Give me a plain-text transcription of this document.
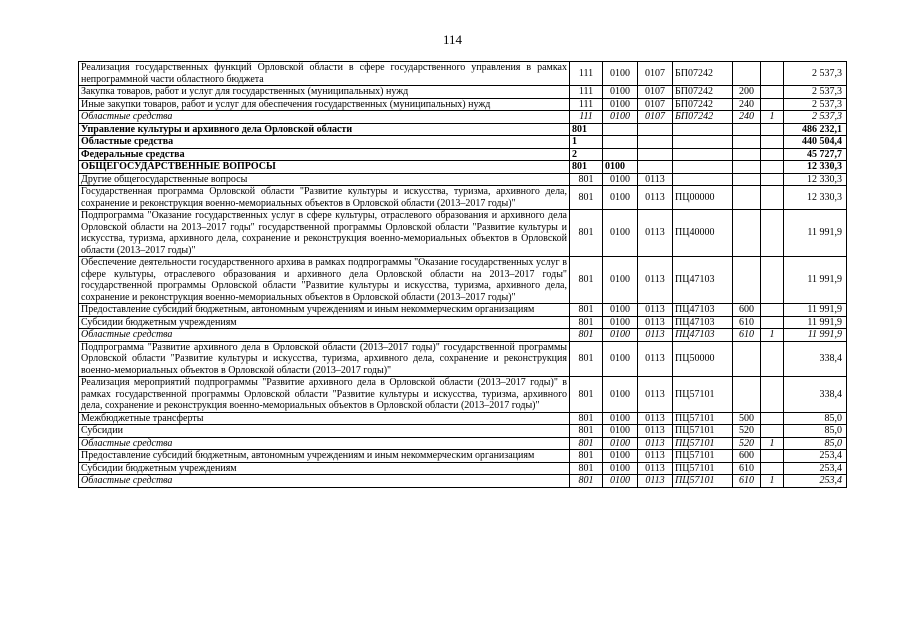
114
Реализация государственных функций Орловской области в сфере государственного управления в рамках непрограммной части областного бюджета	111	0100	0107	БП07242			2 537,3
Закупка товаров, работ и услуг для государственных (муниципальных) нужд	111	0100	0107	БП07242	200		2 537,3
Иные закупки товаров, работ и услуг для обеспечения государственных (муниципальных) нужд	111	0100	0107	БП07242	240		2 537,3
Областные средства	111	0100	0107	БП07242	240	1	2 537,3
Управление культуры и архивного дела Орловской области	801						486 232,1
Областные средства	1						440 504,4
Федеральные средства	2						45 727,7
ОБЩЕГОСУДАРСТВЕННЫЕ ВОПРОСЫ	801	0100					12 330,3
Другие общегосударственные вопросы	801	0100	0113				12 330,3
Государственная программа Орловской области "Развитие культуры и искусства, туризма, архивного дела, сохранение и реконструкция военно-мемориальных объектов в Орловской области (2013–2017 годы)"	801	0100	0113	ПЦ00000			12 330,3
Подпрограмма "Оказание государственных услуг в сфере культуры, отраслевого образования и архивного дела Орловской области на 2013–2017 годы" государственной программы Орловской области "Развитие культуры и искусства, туризма, архивного дела, сохранение и реконструкция военно-мемориальных объектов в Орловской области (2013–2017 годы)"	801	0100	0113	ПЦ40000			11 991,9
Обеспечение деятельности государственного архива в рамках подпрограммы "Оказание государственных услуг в сфере культуры, отраслевого образования и архивного дела Орловской области на 2013–2017 годы" государственной программы Орловской области "Развитие культуры и искусства, туризма, архивного дела, сохранение и реконструкция военно-мемориальных объектов в Орловской области (2013–2017 годы)"	801	0100	0113	ПЦ47103			11 991,9
Предоставление субсидий бюджетным, автономным учреждениям и иным некоммерческим организациям	801	0100	0113	ПЦ47103	600		11 991,9
Субсидии бюджетным учреждениям	801	0100	0113	ПЦ47103	610		11 991,9
Областные средства	801	0100	0113	ПЦ47103	610	1	11 991,9
Подпрограмма "Развитие архивного дела в Орловской области (2013–2017 годы)" государственной программы Орловской области "Развитие культуры и искусства, туризма, архивного дела, сохранение и реконструкция военно-мемориальных объектов в Орловской области (2013–2017 годы)"	801	0100	0113	ПЦ50000			338,4
Реализация мероприятий подпрограммы "Развитие архивного дела в Орловской области (2013–2017 годы)" в рамках государственной программы Орловской области "Развитие культуры и искусства, туризма, архивного дела, сохранение и реконструкция военно-мемориальных объектов в Орловской области (2013–2017 годы)"	801	0100	0113	ПЦ57101			338,4
Межбюджетные трансферты	801	0100	0113	ПЦ57101	500		85,0
Субсидии	801	0100	0113	ПЦ57101	520		85,0
Областные средства	801	0100	0113	ПЦ57101	520	1	85,0
Предоставление субсидий бюджетным, автономным учреждениям и иным некоммерческим организациям	801	0100	0113	ПЦ57101	600		253,4
Субсидии бюджетным учреждениям	801	0100	0113	ПЦ57101	610		253,4
Областные средства	801	0100	0113	ПЦ57101	610	1	253,4
